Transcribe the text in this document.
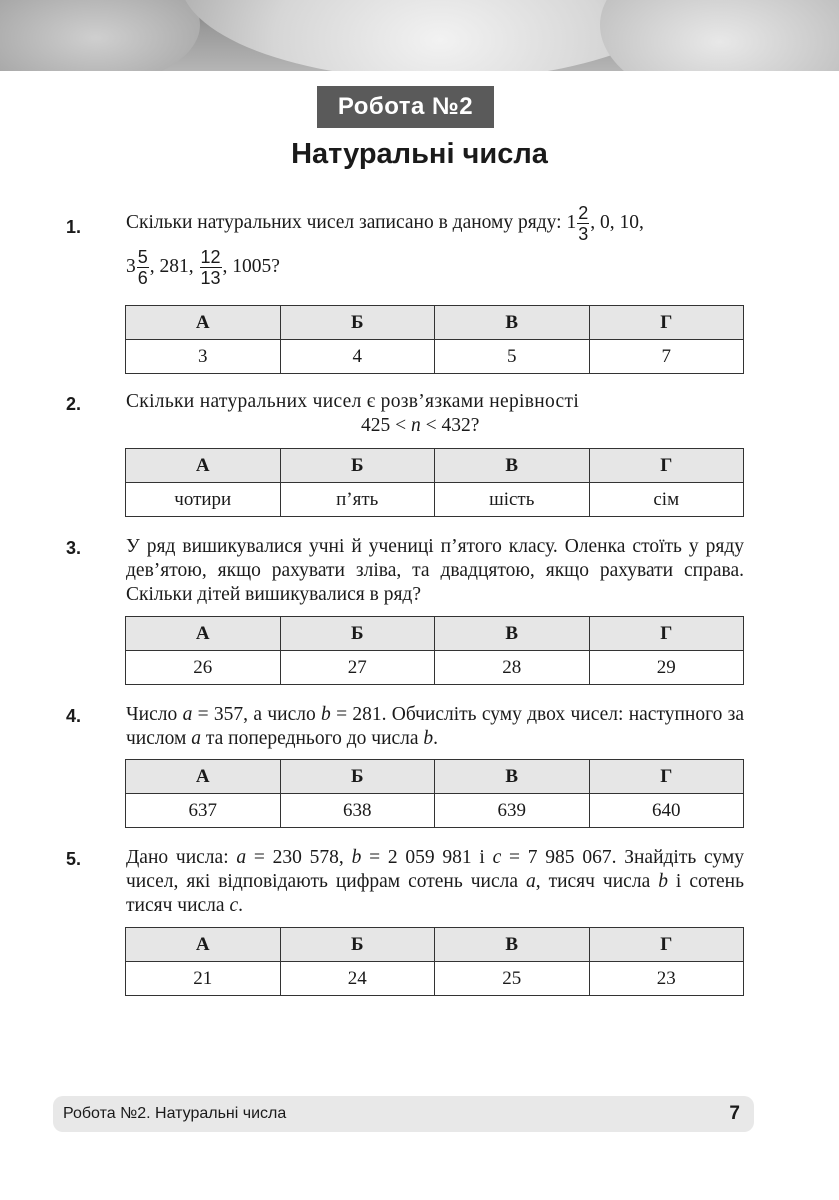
Робота №2
Натуральні числа
1. Скільки натуральних чисел записано в даному ряду: $1 \frac{2}{3}$ , 0, 10,
$3 \frac{5}{6}$ , 281, $\frac{12}{13}$ , 1005?
А	Б	В	Г
3	4	5	7
2. Скільки натуральних чисел є розв’язками нерівності
425 < n < 432?
А	Б	В	Г
чотири	п’ять	шість	сім
3. У ряд вишикувалися учні й учениці п’ятого класу. Оленка стоїть у ряду дев’ятою, якщо рахувати зліва, та двадцятою, якщо рахувати справа. Скільки дітей вишикувалися в ряд?
А	Б	В	Г
26	27	28	29
4. Число a = 357, а число b = 281. Обчисліть суму двох чисел: наступного за числом a та попереднього до числа b.
А	Б	В	Г
637	638	639	640
5. Дано числа: a = 230 578, b = 2 059 981 і c = 7 985 067. Знайдіть суму чисел, які відповідають цифрам сотень числа a, тисяч числа b і сотень тисяч числа c.
А	Б	В	Г
21	24	25	23
Робота №2. Натуральні числа	7
